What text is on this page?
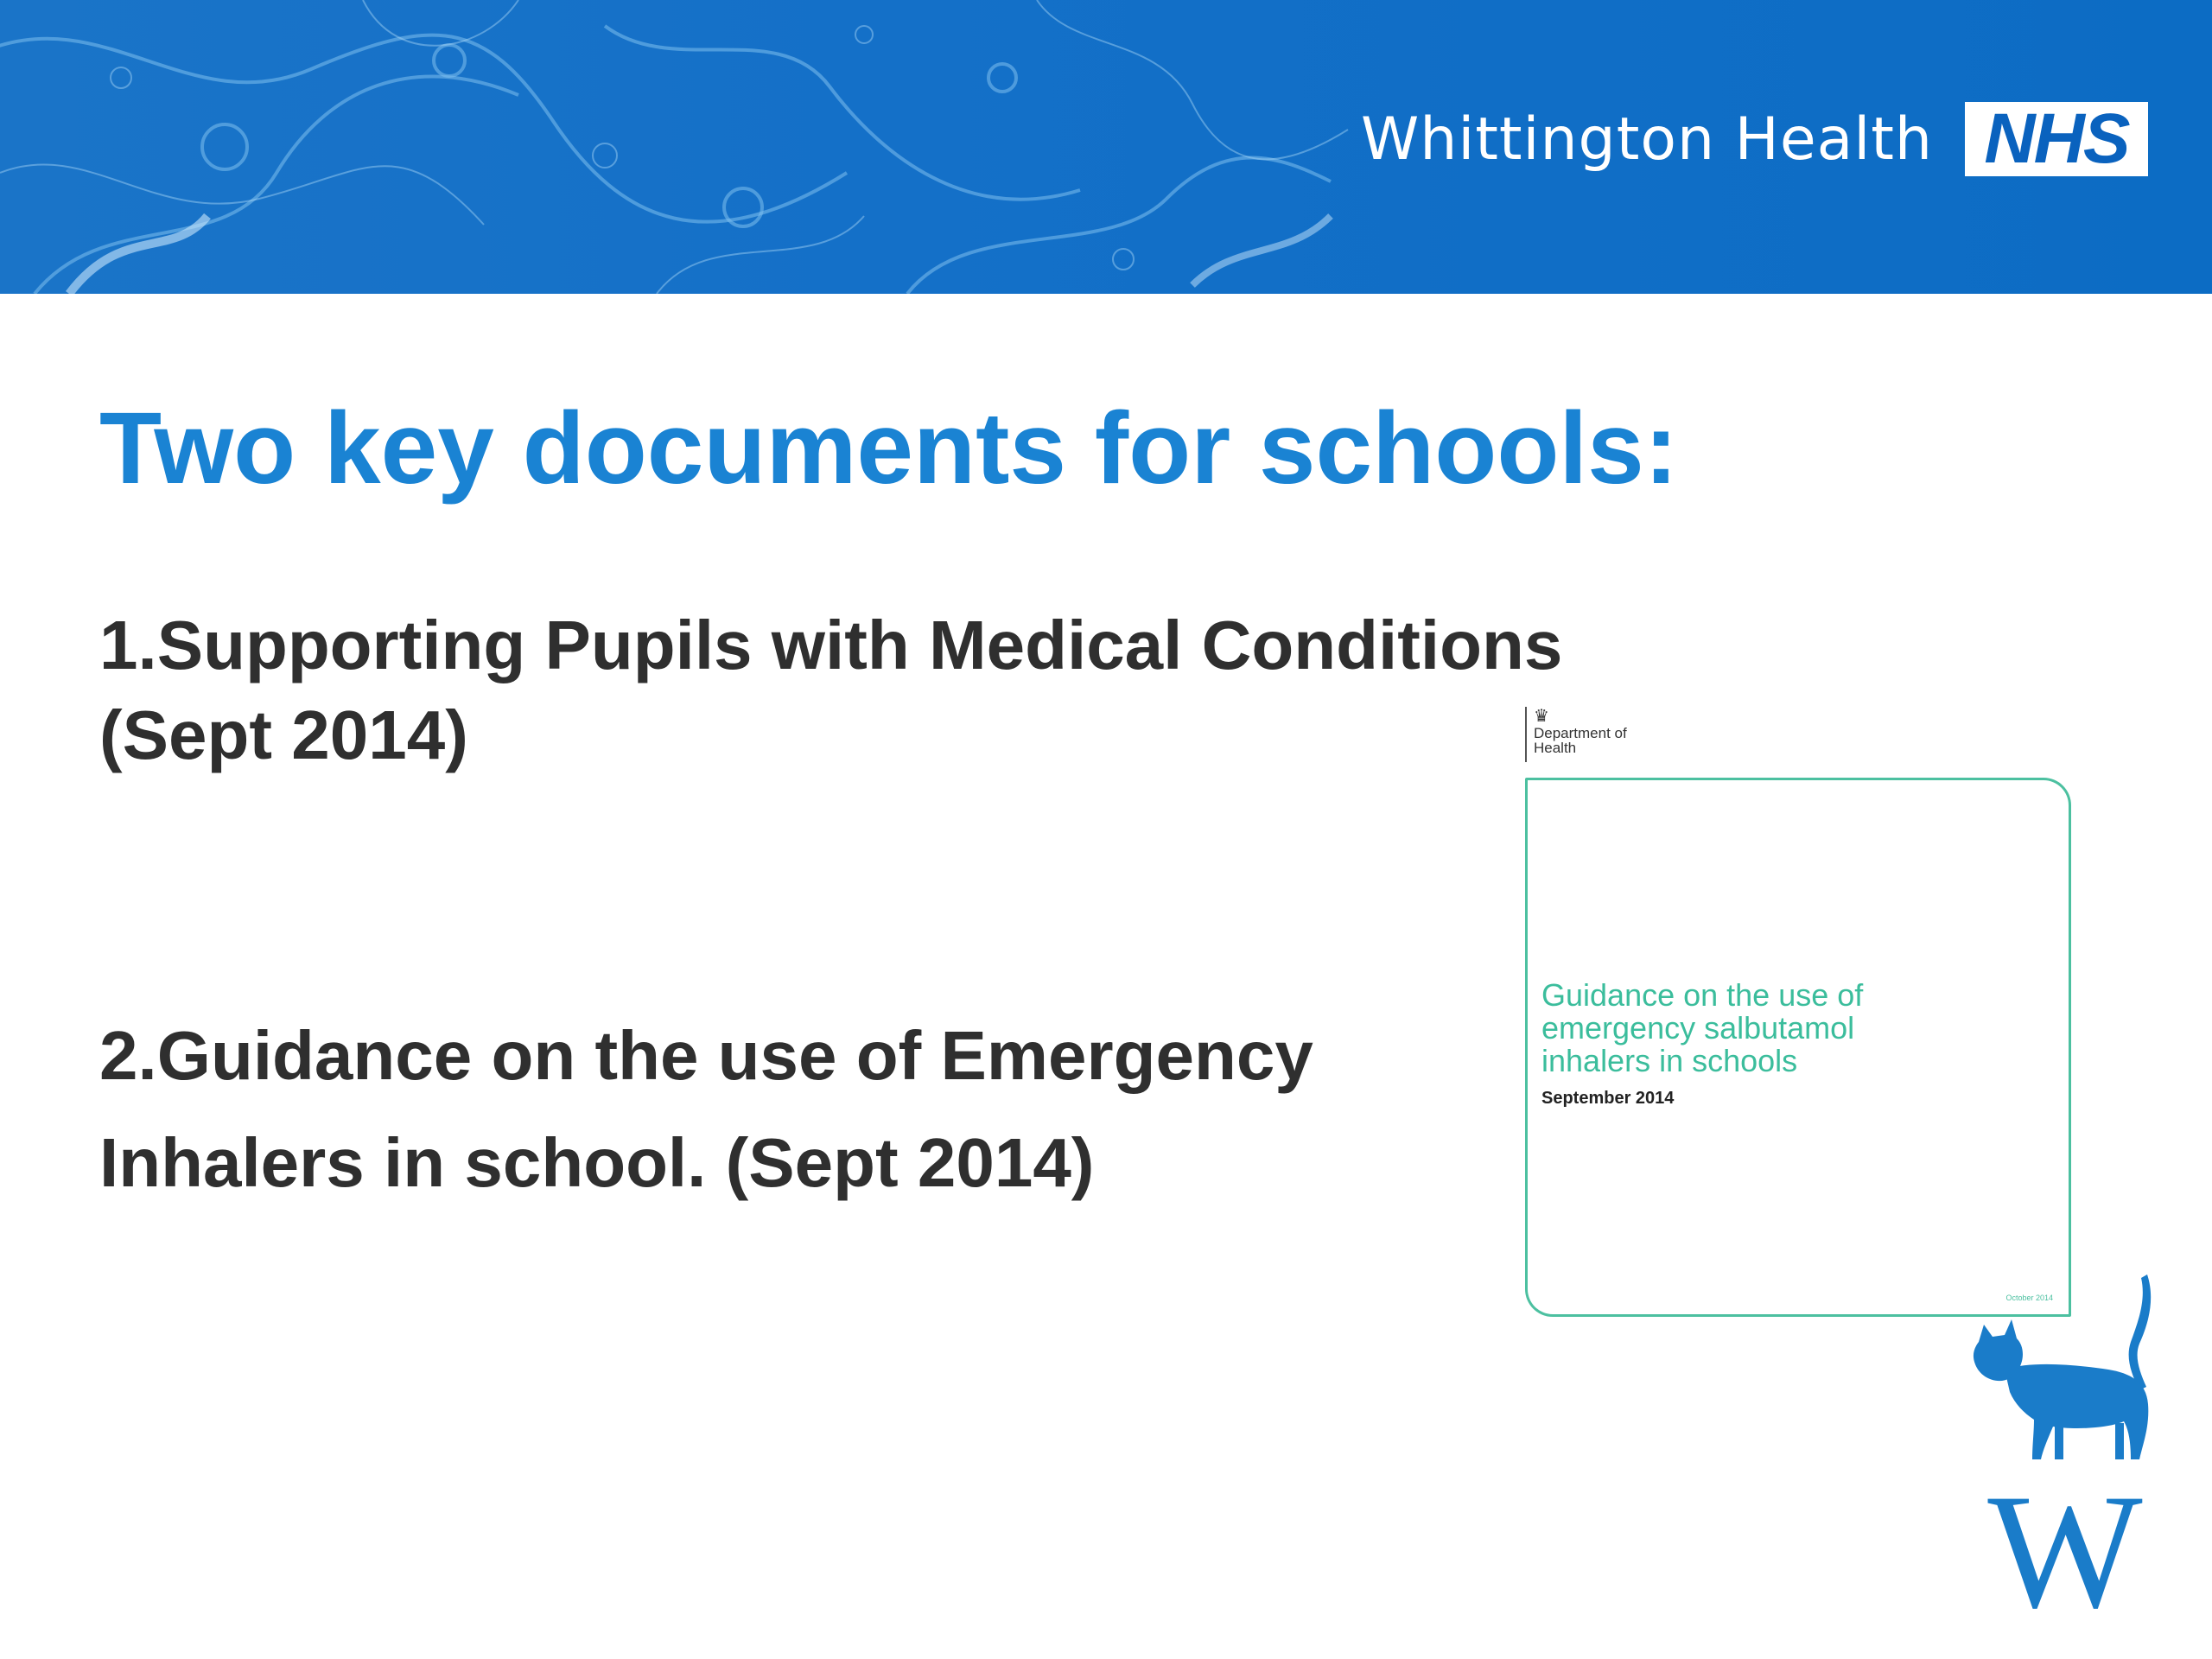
Whittington Health NHS
Two key documents for schools:

1.Supporting Pupils with Medical Conditions
(Sept 2014)

2.Guidance on the use of Emergency
Inhalers in school. (Sept 2014)

♛
Department of Health
Guidance on the use of
emergency salbutamol
inhalers in schools
September 2014
October 2014
W
